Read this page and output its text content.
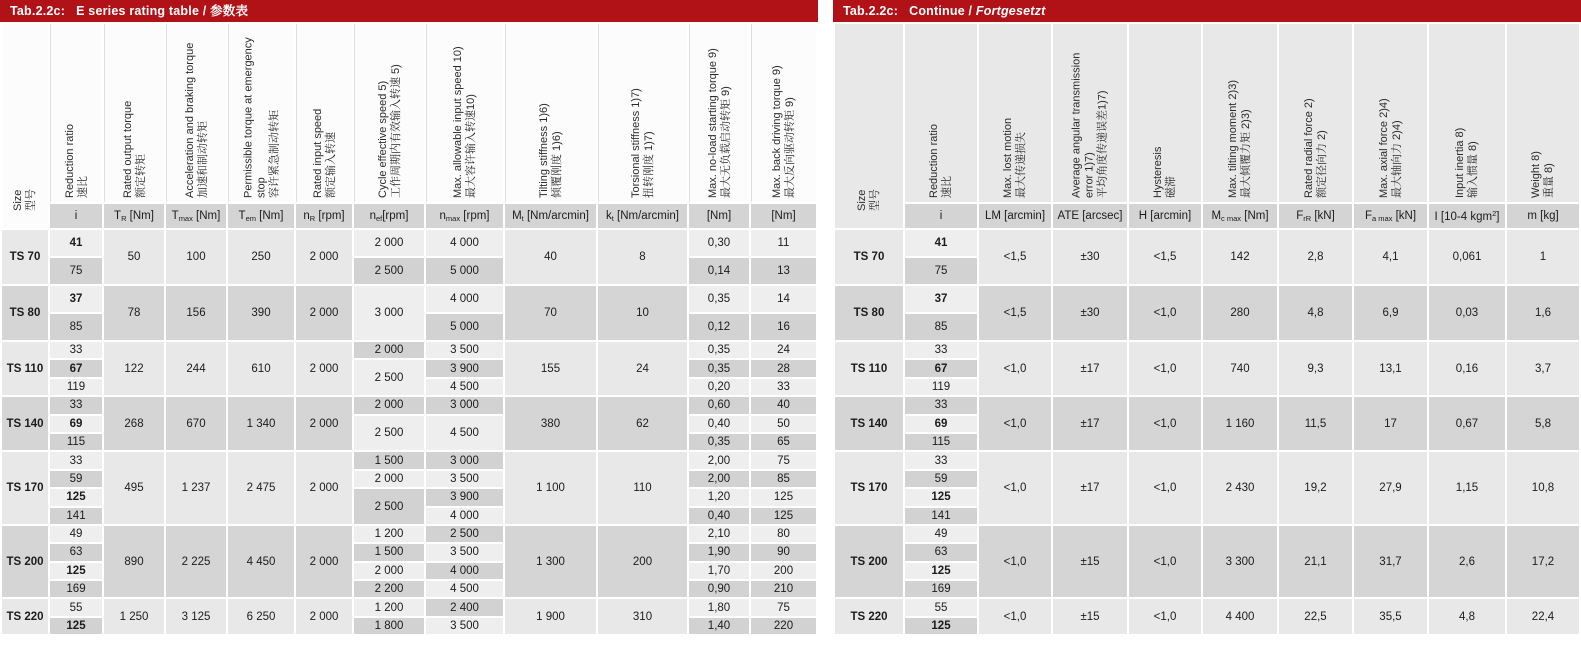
Tab.2.2c: E series rating table / 参数表
Size 型号	Reduction ratio 速比	Rated output torque 额定转矩	Acceleration and braking torque 加速和制动转矩	Permissible torque at emergency stop 容许紧急制动转矩	Rated input speed 额定输入转速	Cycle effective speed 5) 工作周期内有效输入转速 5)	Max. allowable input speed 10) 最大容许输入转速10)	Tilting stiffness 1)6) 倾覆刚度 1)6)	Torsional stiffness 1)7) 扭转刚度 1)7)	Max. no-load starting torque 9) 最大无负载启动转矩 9)	Max. back driving torque 9) 最大反向驱动转矩 9)

	i	$T_R$ [Nm]	$T_{max}$ [Nm]	$T_{em}$ [Nm]	$n_R$ [rpm]	$n_{ef}[rpm]$	$n_{max}$ [rpm]	$M_t$ [Nm/arcmin]	$k_t$ [Nm/arcmin]	[Nm]	[Nm]
TS 70	41	50	100	250	2 000	2 000	4 000	40	8	0,30	11
	75					2 500	5 000			0,14	13
TS 80	37	78	156	390	2 000	3 000	4 000	70	10	0,35	14
	85						5 000			0,12	16
TS 110	33	122	244	610	2 000	2 000	3 500	155	24	0,35	24
	67					2 500	3 900			0,35	28
	119						4 500			0,20	33
TS 140	33	268	670	1 340	2 000	2 000	3 000	380	62	0,60	40
	69					2 500	4 500			0,40	50
	115									0,35	65
TS 170	33	495	1 237	2 475	2 000	1 500	3 000	1 100	110	2,00	75
	59					2 000	3 500			2,00	85
	125					2 500	3 900			1,20	125
	141						4 000			0,40	125
TS 200	49	890	2 225	4 450	2 000	1 200	2 500	1 300	200	2,10	80
	63					1 500	3 500			1,90	90
	125					2 000	4 000			1,70	200
	169					2 200	4 500			0,90	210
TS 220	55	1 250	3 125	6 250	2 000	1 200	2 400	1 900	310	1,80	75
	125					1 800	3 500			1,40	220
Tab.2.2c: Continue / Fortgesetzt
Size 型号	Reduction ratio 速比	Max. lost motion 最大传递损失	Average angular transmission error 1)7) 平均角度传递误差1)7)	Hysteresis 磁滞	Max. tilting moment 2)3) 最大倾覆力矩 2)3)	Rated radial force 2) 额定径向力 2)	Max. axial force 2)4) 最大轴向力 2)4)	Input inertia 8) 输入惯量 8)	Weight 8) 重量 8)

	i	LM [arcmin]	ATE [arcsec]	H [arcmin]	$M_{c max}$ [Nm]	$F_{rR}$ [kN]	$F_{a max}$ [kN]	I [10-4 kgm$^2$]	m [kg]
TS 70	41	<1,5	±30	<1,5	142	2,8	4,1	0,061	1
	75								
TS 80	37	<1,5	±30	<1,0	280	4,8	6,9	0,03	1,6
	85								
TS 110	33	<1,0	±17	<1,0	740	9,3	13,1	0,16	3,7
	67								
	119								
TS 140	33	<1,0	±17	<1,0	1 160	11,5	17	0,67	5,8
	69								
	115								
TS 170	33	<1,0	±17	<1,0	2 430	19,2	27,9	1,15	10,8
	59								
	125								
	141								
TS 200	49	<1,0	±15	<1,0	3 300	21,1	31,7	2,6	17,2
	63								
	125								
	169								
TS 220	55	<1,0	±15	<1,0	4 400	22,5	35,5	4,8	22,4
	125								
